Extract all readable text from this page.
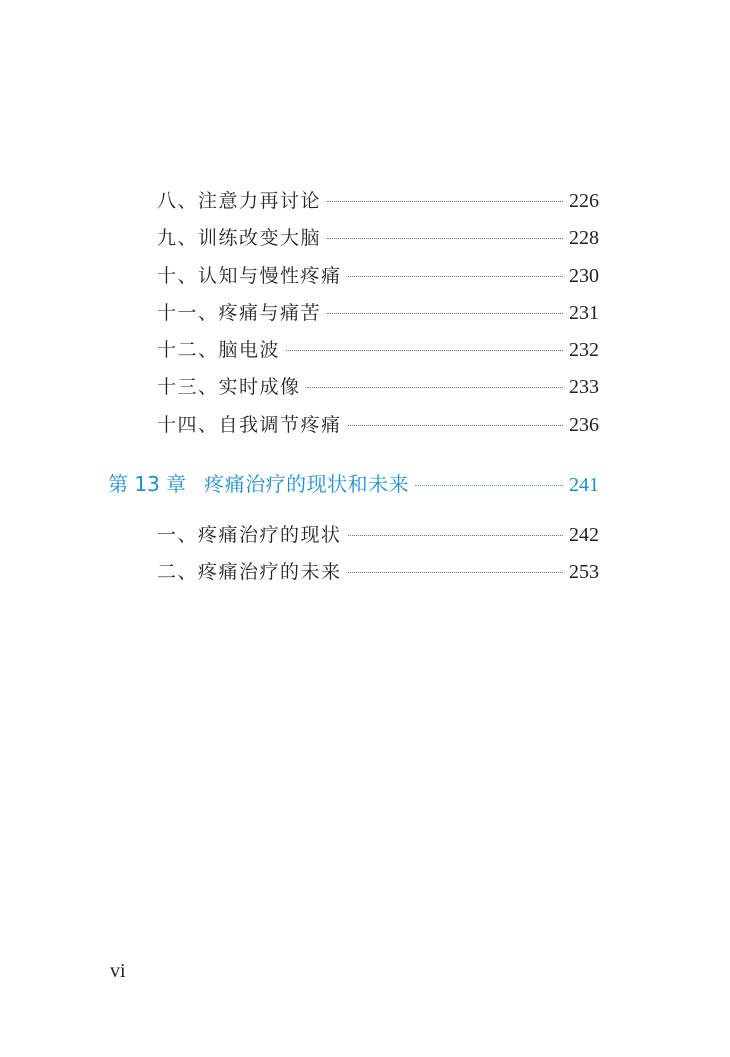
八、注意力再讨论	226
九、训练改变大脑	228
十、认知与慢性疼痛	230
十一、疼痛与痛苦	231
十二、脑电波	232
十三、实时成像	233
十四、自我调节疼痛	236
第 13 章 疼痛治疗的现状和未来	241
一、疼痛治疗的现状	242
二、疼痛治疗的未来	253
vi
